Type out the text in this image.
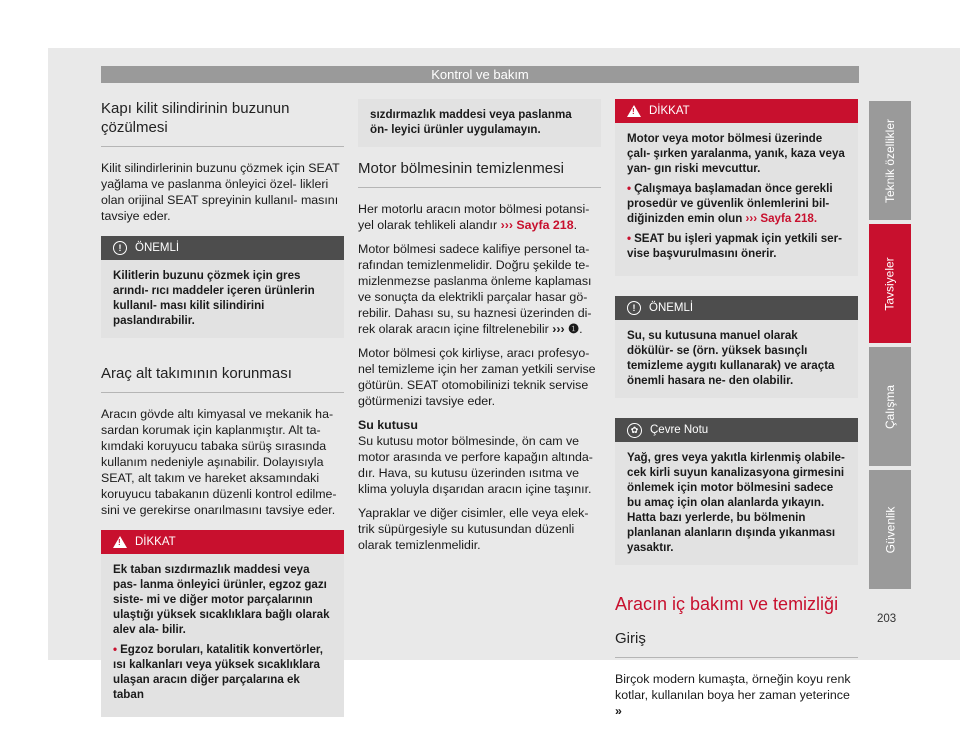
Kontrol ve bakım
Teknik özellikler
Tavsiyeler
Çalışma
Güvenlik
Kapı kilit silindirinin buzunun çözülmesi

Kilit silindirlerinin buzunu çözmek için SEAT yağlama ve paslanma önleyici özel- likleri olan orijinal SEAT spreyinin kullanıl- masını tavsiye eder.

!	ÖNEMLİ
Kilitlerin buzunu çözmek için gres arındı- rıcı maddeler içeren ürünlerin kullanıl- ması kilit silindirini paslandırabilir.
Araç alt takımının korunması

Aracın gövde altı kimyasal ve mekanik ha- sardan korumak için kaplanmıştır. Alt ta- kımdaki koruyucu tabaka sürüş sırasında kullanım nedeniyle aşınabilir. Dolayısıyla SEAT, alt takım ve hareket aksamındaki koruyucu tabakanın düzenli kontrol edilme- sini ve gerekirse onarılmasını tavsiye eder.

!
DİKKAT
Ek taban sızdırmazlık maddesi veya pas- lanma önleyici ürünler, egzoz gazı siste- mi ve diğer motor parçalarının ulaştığı yüksek sıcaklıklara bağlı olarak alev ala- bilir.
• Egzoz boruları, katalitik konvertörler, ısı kalkanları veya yüksek sıcaklıklara ulaşan aracın diğer parçalarına ek taban
sızdırmazlık maddesi veya paslanma ön- leyici ürünler uygulamayın.
Motor bölmesinin temizlenmesi

Her motorlu aracın motor bölmesi potansi- yel olarak tehlikeli alandır ››› Sayfa 218.

Motor bölmesi sadece kalifiye personel ta- rafından temizlenmelidir. Doğru şekilde te- mizlenmezse paslanma önleme kaplaması ve sonuçta da elektrikli parçalar hasar gö- rebilir. Dahası su, su haznesi üzerinden di- rek olarak aracın içine filtrelenebilir ››› ❶.

Motor bölmesi çok kirliyse, aracı profesyo- nel temizleme için her zaman yetkili servise götürün. SEAT otomobilinizi teknik servise götürmenizi tavsiye eder.

Su kutusu

Su kutusu motor bölmesinde, ön cam ve motor arasında ve perfore kapağın altında- dır. Hava, su kutusu üzerinden ısıtma ve klima yoluyla dışarıdan aracın içine taşınır.

Yapraklar ve diğer cisimler, elle veya elek- trik süpürgesiyle su kutusundan düzenli olarak temizlenmelidir.

!
DİKKAT
Motor veya motor bölmesi üzerinde çalı- şırken yaralanma, yanık, kaza veya yan- gın riski mevcuttur.
• Çalışmaya başlamadan önce gerekli prosedür ve güvenlik önlemlerini bil- diğinizden emin olun ››› Sayfa 218.
• SEAT bu işleri yapmak için yetkili ser- vise başvurulmasını önerir.
!	ÖNEMLİ
Su, su kutusuna manuel olarak dökülür- se (örn. yüksek basınçlı temizleme aygıtı kullanarak) ve araçta önemli hasara ne- den olabilir.
✿	Çevre Notu
Yağ, gres veya yakıtla kirlenmiş olabile- cek kirli suyun kanalizasyona girmesini önlemek için motor bölmesini sadece bu amaç için olan alanlarda yıkayın. Hatta bazı yerlerde, bu bölmenin planlanan alanların dışında yıkanması yasaktır.
Aracın iç bakımı ve temizliği
Giriş

Birçok modern kumaşta, örneğin koyu renk kotlar, kullanılan boya her zaman yeterince »

203
